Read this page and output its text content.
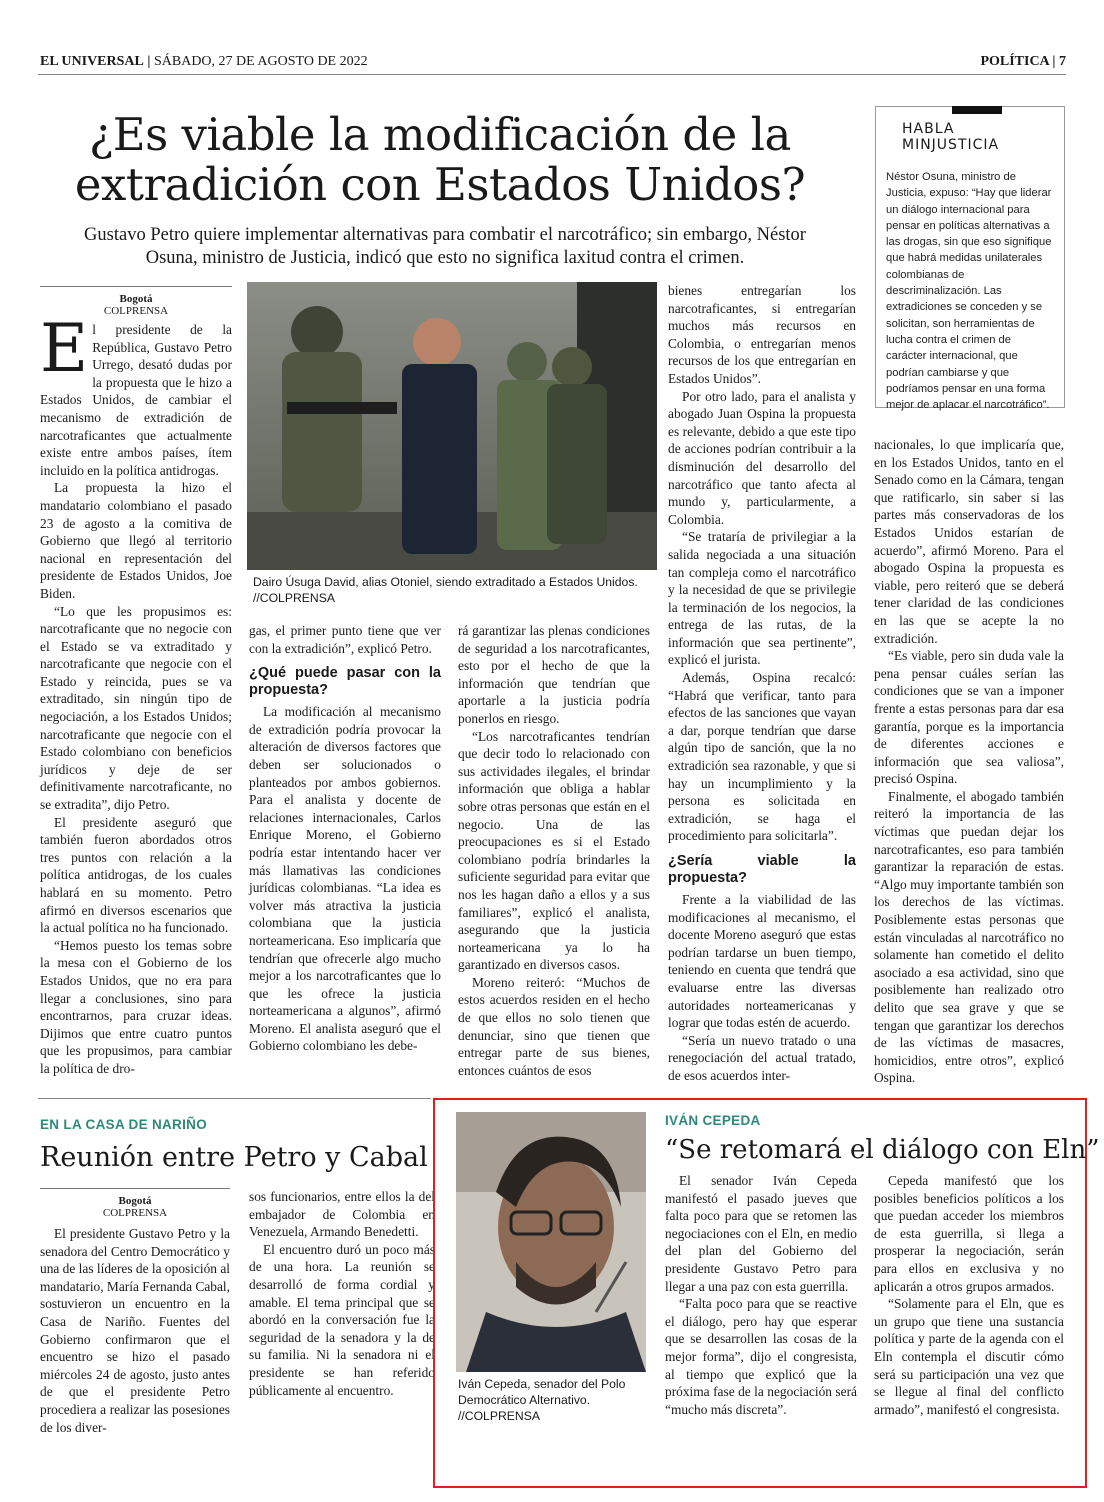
EL UNIVERSAL | SÁBADO, 27 DE AGOSTO DE 2022	POLÍTICA | 7
¿Es viable la modificación de la extradición con Estados Unidos?
Gustavo Petro quiere implementar alternativas para combatir el narcotráfico; sin embargo, Néstor Osuna, ministro de Justicia, indicó que esto no significa laxitud contra el crimen.
HABLA MINJUSTICIA
Néstor Osuna, ministro de Justicia, expuso: “Hay que liderar un diálogo internacional para pensar en políticas alternativas a las drogas, sin que eso signifique que habrá medidas unilaterales colombianas de descriminalización. Las extradiciones se conceden y se solicitan, son herramientas de lucha contra el crimen de carácter internacional, que podrían cambiarse y que podríamos pensar en una forma mejor de aplacar el narcotráfico”.
Bogotá
COLPRENSA

El presidente de la República, Gustavo Petro Urrego, desató dudas por la propuesta que le hizo a Estados Unidos, de cambiar el mecanismo de extradición de narcotraficantes que actualmente existe entre ambos países, ítem incluido en la política antidrogas.

La propuesta la hizo el mandatario colombiano el pasado 23 de agosto a la comitiva de Gobierno que llegó al territorio nacional en representación del presidente de Estados Unidos, Joe Biden.

“Lo que les propusimos es: narcotraficante que no negocie con el Estado se va extraditado y narcotraficante que negocie con el Estado y reincida, pues se va extraditado, sin ningún tipo de negociación, a los Estados Unidos; narcotraficante que negocie con el Estado colombiano con beneficios jurídicos y deje de ser definitivamente narcotraficante, no se extradita”, dijo Petro.

El presidente aseguró que también fueron abordados otros tres puntos con relación a la política antidrogas, de los cuales hablará en su momento. Petro afirmó en diversos escenarios que la actual política no ha funcionado.

“Hemos puesto los temas sobre la mesa con el Gobierno de los Estados Unidos, que no era para llegar a conclusiones, sino para encontrarnos, para cruzar ideas. Dijimos que entre cuatro puntos que les propusimos, para cambiar la política de dro-

Dairo Úsuga David, alias Otoniel, siendo extraditado a Estados Unidos. //COLPRENSA

gas, el primer punto tiene que ver con la extradición”, explicó Petro.

¿Qué puede pasar con la propuesta?

La modificación al mecanismo de extradición podría provocar la alteración de diversos factores que deben ser solucionados o planteados por ambos gobiernos. Para el analista y docente de relaciones internacionales, Carlos Enrique Moreno, el Gobierno podría estar intentando hacer ver más llamativas las condiciones jurídicas colombianas. “La idea es volver más atractiva la justicia colombiana que la justicia norteamericana. Eso implicaría que tendrían que ofrecerle algo mucho mejor a los narcotraficantes que lo que les ofrece la justicia norteamericana a algunos”, afirmó Moreno. El analista aseguró que el Gobierno colombiano les debe-

rá garantizar las plenas condiciones de seguridad a los narcotraficantes, esto por el hecho de que la información que tendrían que aportarle a la justicia podría ponerlos en riesgo.

“Los narcotraficantes tendrían que decir todo lo relacionado con sus actividades ilegales, el brindar información que obliga a hablar sobre otras personas que están en el negocio. Una de las preocupaciones es si el Estado colombiano podría brindarles la suficiente seguridad para evitar que nos les hagan daño a ellos y a sus familiares”, explicó el analista, asegurando que la justicia norteamericana ya lo ha garantizado en diversos casos.

Moreno reiteró: “Muchos de estos acuerdos residen en el hecho de que ellos no solo tienen que denunciar, sino que tienen que entregar parte de sus bienes, entonces cuántos de esos

bienes entregarían los narcotraficantes, si entregarían muchos más recursos en Colombia, o entregarían menos recursos de los que entregarían en Estados Unidos”.

Por otro lado, para el analista y abogado Juan Ospina la propuesta es relevante, debido a que este tipo de acciones podrían contribuir a la disminución del desarrollo del narcotráfico que tanto afecta al mundo y, particularmente, a Colombia.

“Se trataría de privilegiar a la salida negociada a una situación tan compleja como el narcotráfico y la necesidad de que se privilegie la terminación de los negocios, la entrega de las rutas, de la información que sea pertinente”, explicó el jurista.

Además, Ospina recalcó: “Habrá que verificar, tanto para efectos de las sanciones que vayan a dar, porque tendrían que darse algún tipo de sanción, que la no extradición sea razonable, y que si hay un incumplimiento y la persona es solicitada en extradición, se haga el procedimiento para solicitarla”.

¿Sería viable la propuesta?

Frente a la viabilidad de las modificaciones al mecanismo, el docente Moreno aseguró que estas podrían tardarse un buen tiempo, teniendo en cuenta que tendrá que evaluarse entre las diversas autoridades norteamericanas y lograr que todas estén de acuerdo.

“Sería un nuevo tratado o una renegociación del actual tratado, de esos acuerdos inter-

nacionales, lo que implicaría que, en los Estados Unidos, tanto en el Senado como en la Cámara, tengan que ratificarlo, sin saber si las partes más conservadoras de los Estados Unidos estarían de acuerdo”, afirmó Moreno. Para el abogado Ospina la propuesta es viable, pero reiteró que se deberá tener claridad de las condiciones en las que se acepte la no extradición.

“Es viable, pero sin duda vale la pena pensar cuáles serían las condiciones que se van a imponer frente a estas personas para dar esa garantía, porque es la importancia de diferentes acciones e información que sea valiosa”, precisó Ospina.

Finalmente, el abogado también reiteró la importancia de las víctimas que puedan dejar los narcotraficantes, eso para también garantizar la reparación de estas. “Algo muy importante también son los derechos de las víctimas. Posiblemente estas personas que están vinculadas al narcotráfico no solamente han cometido el delito asociado a esa actividad, sino que posiblemente han realizado otro delito que sea grave y que se tengan que garantizar los derechos de las víctimas de masacres, homicidios, entre otros”, explicó Ospina.

EN LA CASA DE NARIÑO
Reunión entre Petro y Cabal
Bogotá
COLPRENSA

El presidente Gustavo Petro y la senadora del Centro Democrático y una de las líderes de la oposición al mandatario, María Fernanda Cabal, sostuvieron un encuentro en la Casa de Nariño. Fuentes del Gobierno confirmaron que el encuentro se hizo el pasado miércoles 24 de agosto, justo antes de que el presidente Petro procediera a realizar las posesiones de los diver-

sos funcionarios, entre ellos la del embajador de Colombia en Venezuela, Armando Benedetti.

El encuentro duró un poco más de una hora. La reunión se desarrolló de forma cordial y amable. El tema principal que se abordó en la conversación fue la seguridad de la senadora y la de su familia. Ni la senadora ni el presidente se han referido públicamente al encuentro.	Iván Cepeda, senador del Polo Democrático Alternativo. //COLPRENSA
IVÁN CEPEDA
“Se retomará el diálogo con Eln”

El senador Iván Cepeda manifestó el pasado jueves que falta poco para que se retomen las negociaciones con el Eln, en medio del plan del Gobierno del presidente Gustavo Petro para llegar a una paz con esta guerrilla.

“Falta poco para que se reactive el diálogo, pero hay que esperar que se desarrollen las cosas de la mejor forma”, dijo el congresista, al tiempo que explicó que la próxima fase de la negociación será “mucho más discreta”.

Cepeda manifestó que los posibles beneficios políticos a los que puedan acceder los miembros de esta guerrilla, si llega a prosperar la negociación, serán para ellos en exclusiva y no aplicarán a otros grupos armados.

“Solamente para el Eln, que es un grupo que tiene una sustancia política y parte de la agenda con el Eln contempla el discutir cómo será su participación una vez que se llegue al final del conflicto armado”, manifestó el congresista.
